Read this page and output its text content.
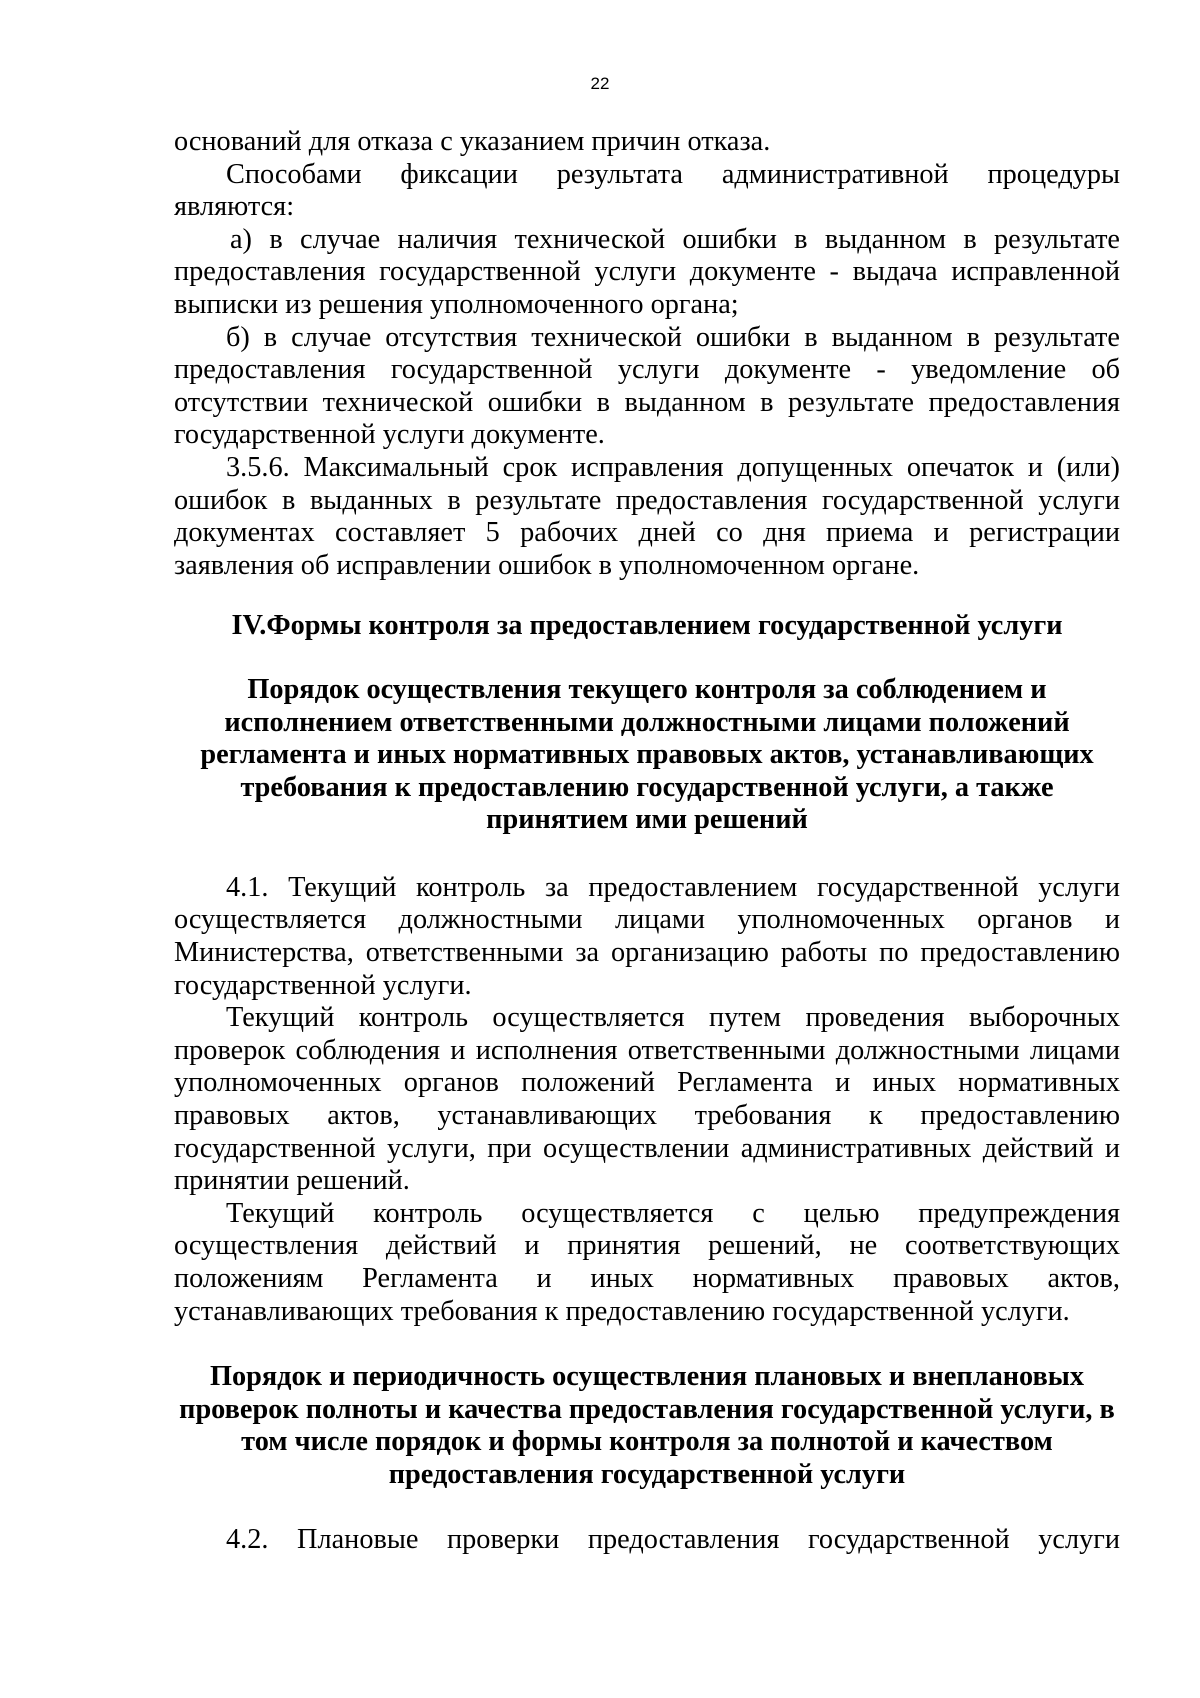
22

оснований для отказа с указанием причин отказа.

Способами фиксации результата административной процедуры являются:

а) в случае наличия технической ошибки в выданном в результате предоставления государственной услуги документе - выдача исправленной выписки из решения уполномоченного органа;

б) в случае отсутствия технической ошибки в выданном в результате предоставления государственной услуги документе - уведомление об отсутствии технической ошибки в выданном в результате предоставления государственной услуги документе.

3.5.6. Максимальный срок исправления допущенных опечаток и (или) ошибок в выданных в результате предоставления государственной услуги документах составляет 5 рабочих дней со дня приема и регистрации заявления об исправлении ошибок в уполномоченном органе.

IV.Формы контроля за предоставлением государственной услуги
Порядок осуществления текущего контроля за соблюдением и
исполнением ответственными должностными лицами положений
регламента и иных нормативных правовых актов, устанавливающих
требования к предоставлению государственной услуги, а также
принятием ими решений

4.1. Текущий контроль за предоставлением государственной услуги осуществляется должностными лицами уполномоченных органов и Министерства, ответственными за организацию работы по предоставлению государственной услуги.

Текущий контроль осуществляется путем проведения выборочных проверок соблюдения и исполнения ответственными должностными лицами уполномоченных органов положений Регламента и иных нормативных правовых актов, устанавливающих требования к предоставлению государственной услуги, при осуществлении административных действий и принятии решений.

Текущий контроль осуществляется с целью предупреждения осуществления действий и принятия решений, не соответствующих положениям Регламента и иных нормативных правовых актов, устанавливающих требования к предоставлению государственной услуги.

Порядок и периодичность осуществления плановых и внеплановых
проверок полноты и качества предоставления государственной услуги, в
том числе порядок и формы контроля за полнотой и качеством
предоставления государственной услуги

4.2. Плановые проверки предоставления государственной услуги
